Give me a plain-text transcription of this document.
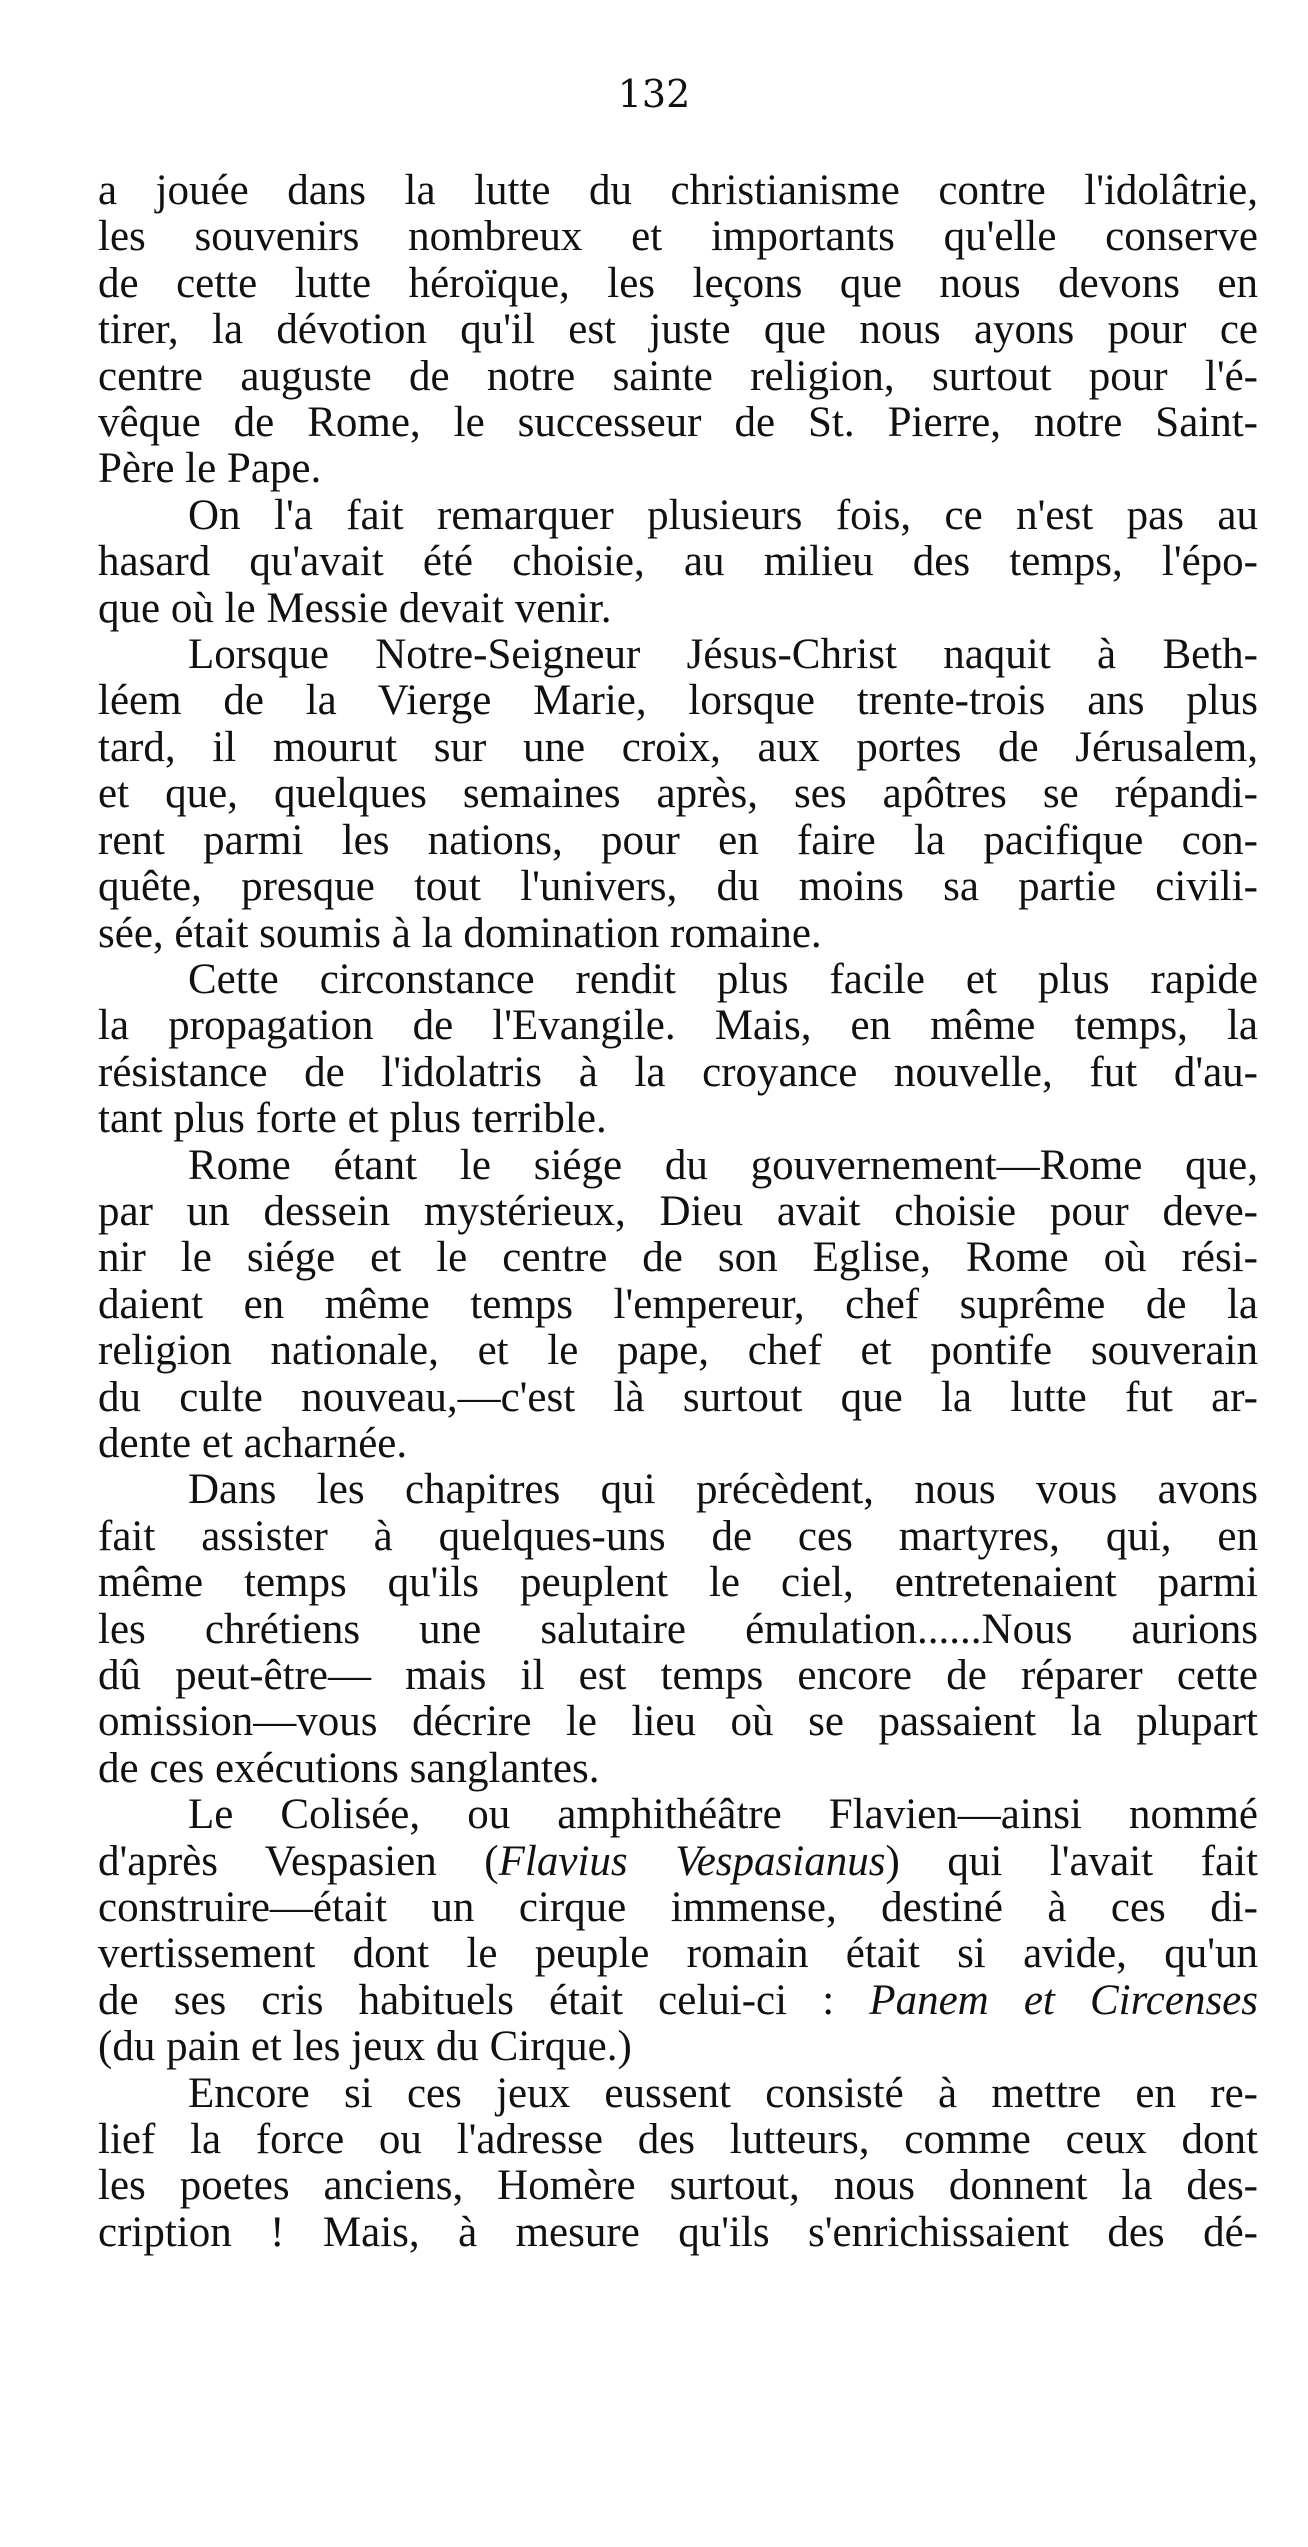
132
a jouée dans la lutte du christianisme contre l'idolâtrie,
les souvenirs nombreux et importants qu'elle conserve
de cette lutte héroïque, les leçons que nous devons en
tirer, la dévotion qu'il est juste que nous ayons pour ce
centre auguste de notre sainte religion, surtout pour l'é-
vêque de Rome, le successeur de St. Pierre, notre Saint-
Père le Pape.
On l'a fait remarquer plusieurs fois, ce n'est pas au
hasard qu'avait été choisie, au milieu des temps, l'épo-
que où le Messie devait venir.
Lorsque Notre-Seigneur Jésus-Christ naquit à Beth-
léem de la Vierge Marie, lorsque trente-trois ans plus
tard, il mourut sur une croix, aux portes de Jérusalem,
et que, quelques semaines après, ses apôtres se répandi-
rent parmi les nations, pour en faire la pacifique con-
quête, presque tout l'univers, du moins sa partie civili-
sée, était soumis à la domination romaine.
Cette circonstance rendit plus facile et plus rapide
la propagation de l'Evangile. Mais, en même temps, la
résistance de l'idolatris à la croyance nouvelle, fut d'au-
tant plus forte et plus terrible.
Rome étant le siége du gouvernement—Rome que,
par un dessein mystérieux, Dieu avait choisie pour deve-
nir le siége et le centre de son Eglise, Rome où rési-
daient en même temps l'empereur, chef suprême de la
religion nationale, et le pape, chef et pontife souverain
du culte nouveau,—c'est là surtout que la lutte fut ar-
dente et acharnée.
Dans les chapitres qui précèdent, nous vous avons
fait assister à quelques-uns de ces martyres, qui, en
même temps qu'ils peuplent le ciel, entretenaient parmi
les chrétiens une salutaire émulation......Nous aurions
dû peut-être— mais il est temps encore de réparer cette
omission—vous décrire le lieu où se passaient la plupart
de ces exécutions sanglantes.
Le Colisée, ou amphithéâtre Flavien—ainsi nommé
d'après Vespasien (Flavius Vespasianus) qui l'avait fait
construire—était un cirque immense, destiné à ces di-
vertissement dont le peuple romain était si avide, qu'un
de ses cris habituels était celui-ci : Panem et Circenses
(du pain et les jeux du Cirque.)
Encore si ces jeux eussent consisté à mettre en re-
lief la force ou l'adresse des lutteurs, comme ceux dont
les poetes anciens, Homère surtout, nous donnent la des-
cription ! Mais, à mesure qu'ils s'enrichissaient des dé-
